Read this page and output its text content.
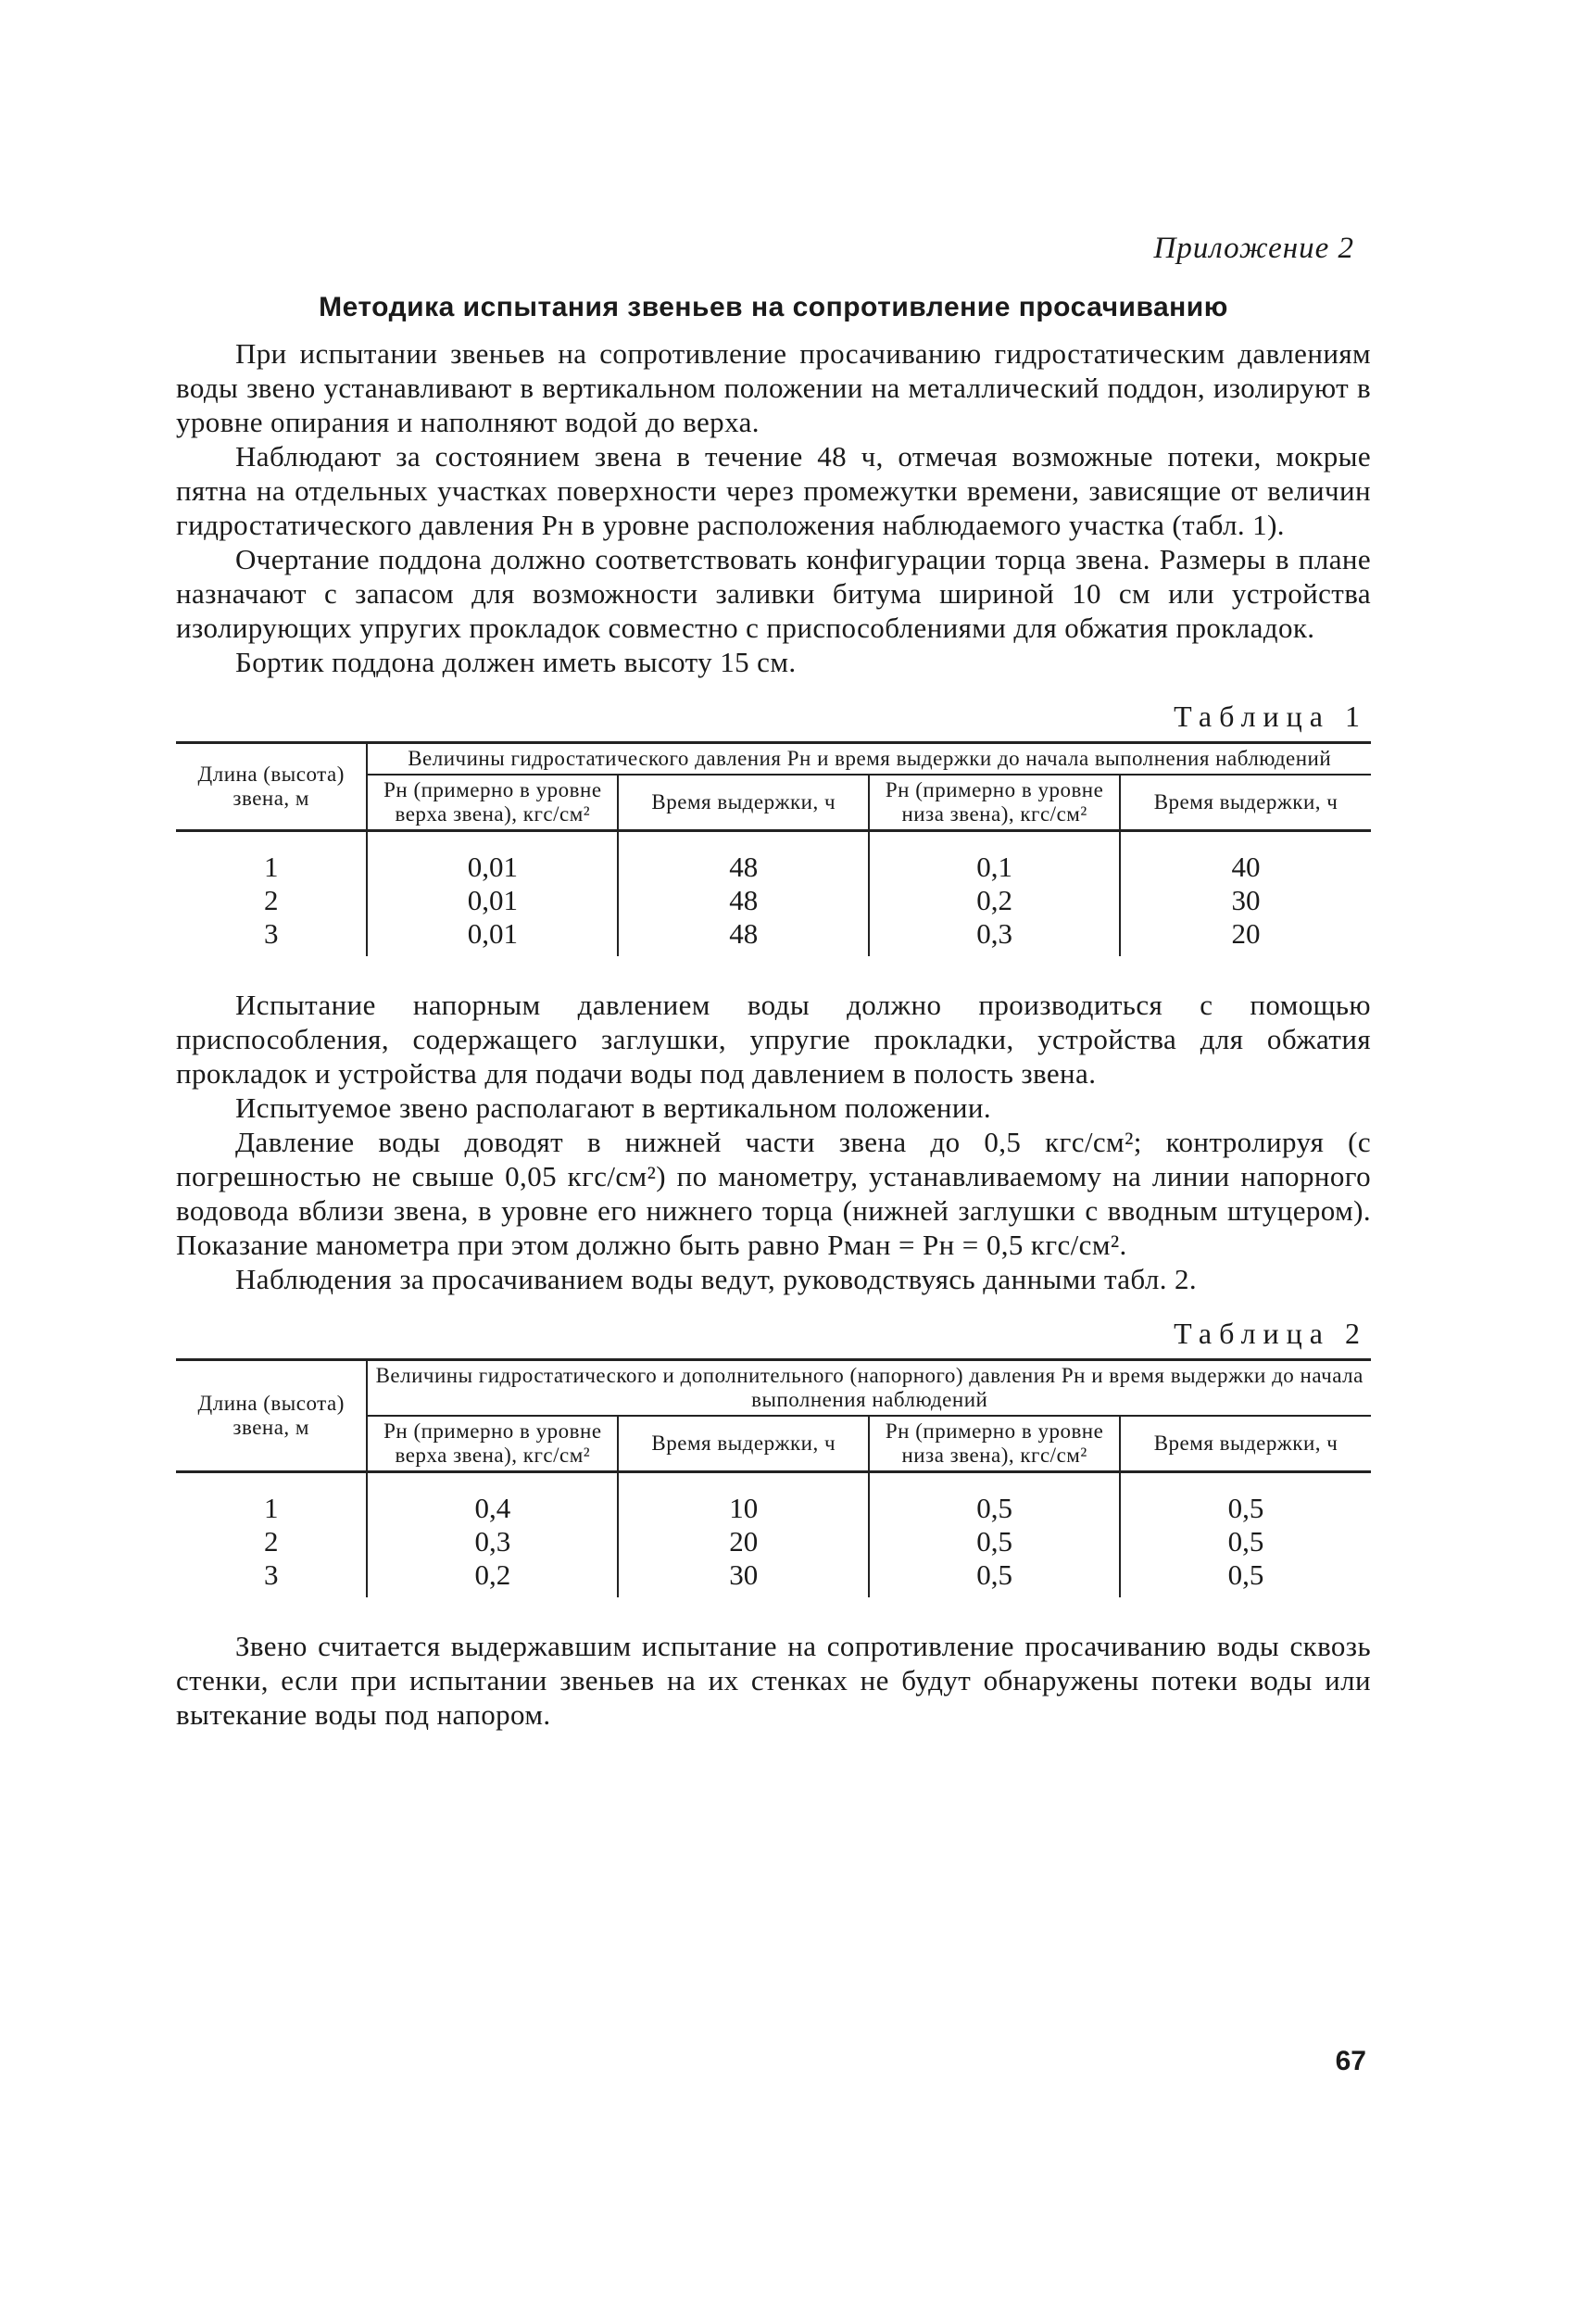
Приложение 2
Методика испытания звеньев на сопротивление просачиванию

При испытании звеньев на сопротивление просачиванию гидростатическим давлениям воды звено устанавливают в вертикальном положении на металлический поддон, изолируют в уровне опирания и наполняют водой до верха.

Наблюдают за состоянием звена в течение 48 ч, отмечая возможные потеки, мокрые пятна на отдельных участках поверхности через промежутки времени, зависящие от величин гидростатического давления Рн в уровне расположения наблюдаемого участка (табл. 1).

Очертание поддона должно соответствовать конфигурации торца звена. Размеры в плане назначают с запасом для возможности заливки битума шириной 10 см или устройства изолирующих упругих прокладок совместно с приспособлениями для обжатия прокладок.

Бортик поддона должен иметь высоту 15 см.

Таблица 1
Длина (высота) звена, м	Величины гидростатического давления Рн и время выдержки до начала выполнения наблюдений			
	Рн (примерно в уровне верха звена), кгс/см²	Время выдержки, ч	Рн (примерно в уровне низа звена), кгс/см²	Время выдержки, ч
1	0,01	48	0,1	40
2	0,01	48	0,2	30
3	0,01	48	0,3	20

Испытание напорным давлением воды должно производиться с помощью приспособления, содержащего заглушки, упругие прокладки, устройства для обжатия прокладок и устройства для подачи воды под давлением в полость звена.

Испытуемое звено располагают в вертикальном положении.

Давление воды доводят в нижней части звена до 0,5 кгс/см²; контролируя (с погрешностью не свыше 0,05 кгс/см²) по манометру, устанавливаемому на линии напорного водовода вблизи звена, в уровне его нижнего торца (нижней заглушки с вводным штуцером). Показание манометра при этом должно быть равно Рман = Рн = 0,5 кгс/см².

Наблюдения за просачиванием воды ведут, руководствуясь данными табл. 2.

Таблица 2
Длина (высота) звена, м	Величины гидростатического и дополнительного (напорного) давления Рн и время выдержки до начала выполнения наблюдений			
	Рн (примерно в уровне верха звена), кгс/см²	Время выдержки, ч	Рн (примерно в уровне низа звена), кгс/см²	Время выдержки, ч
1	0,4	10	0,5	0,5
2	0,3	20	0,5	0,5
3	0,2	30	0,5	0,5

Звено считается выдержавшим испытание на сопротивление просачиванию воды сквозь стенки, если при испытании звеньев на их стенках не будут обнаружены потеки воды или вытекание воды под напором.

67
